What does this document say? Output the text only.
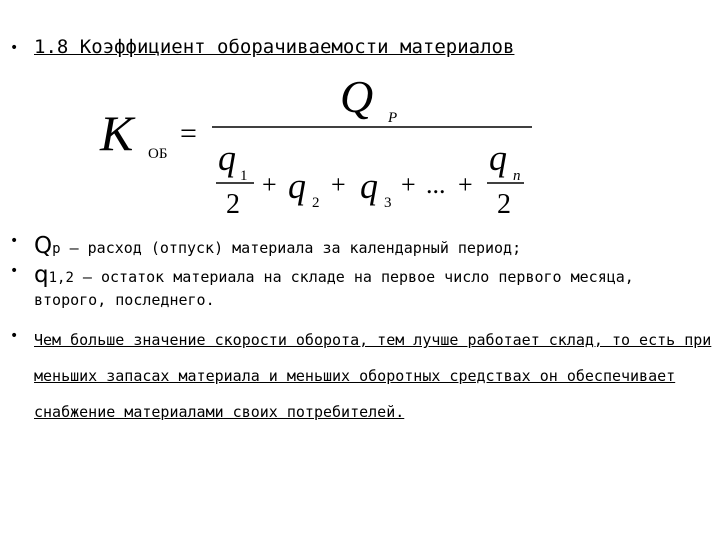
• 1.8 Коэффициент оборачиваемости материалов
K ОБ
=
Q P
q 1
2
+ q 2
+ q 3
+ ... +
q n
2
• Qр – расход (отпуск) материала за календарный период;
• q1,2 – остаток материала на складе на первое число первого месяца,
второго, последнего.
• Чем больше значение скорости оборота, тем лучше работает склад, то есть при меньших запасах материала и меньших оборотных средствах он обеспечивает снабжение материалами своих потребителей.
